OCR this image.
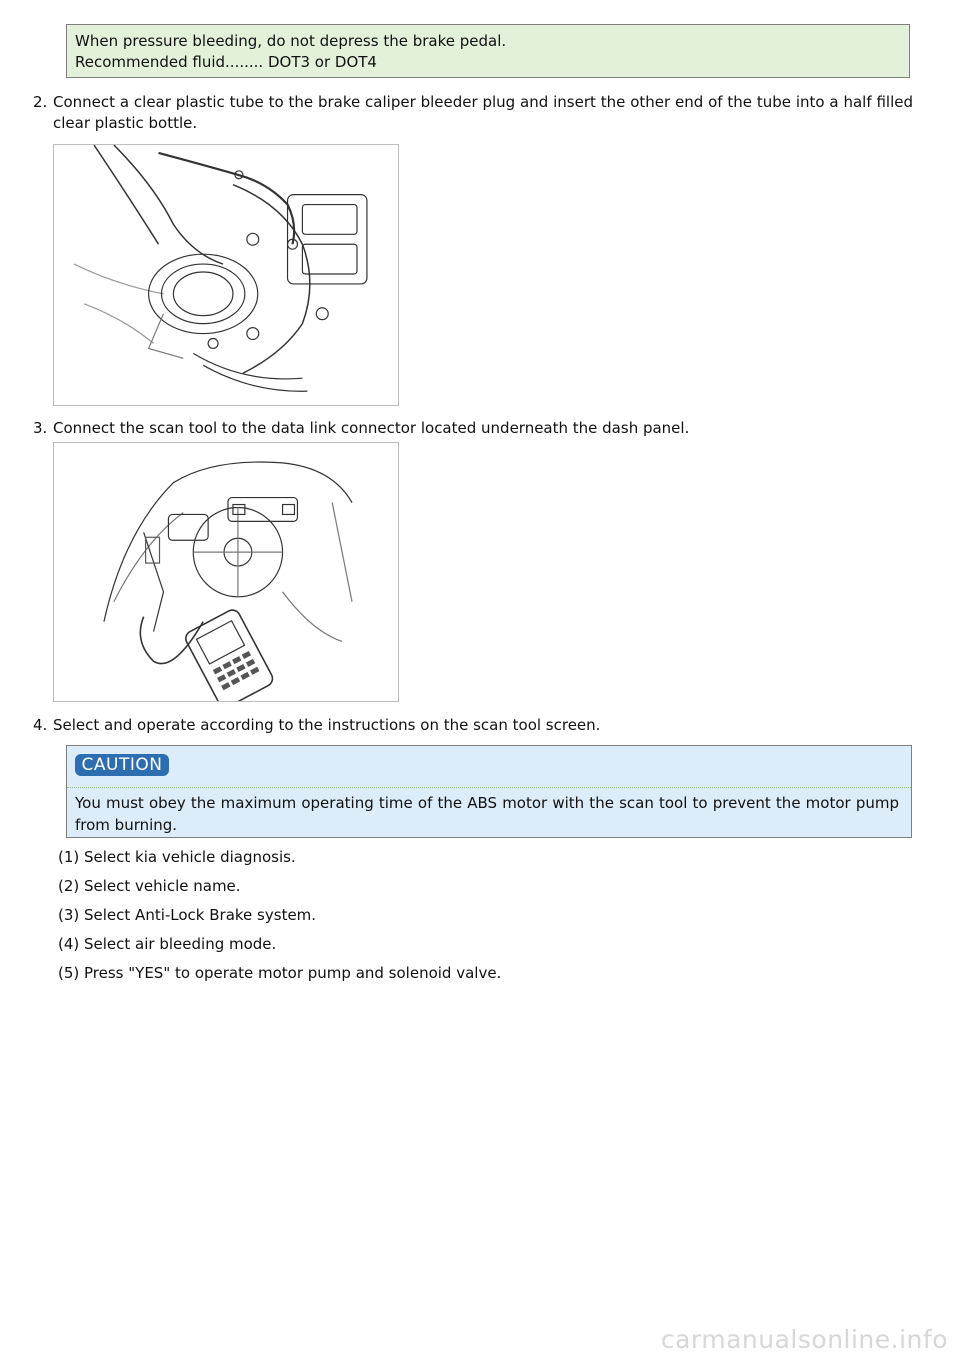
When pressure bleeding, do not depress the brake pedal.
Recommended fluid........ DOT3 or DOT4
2. Connect a clear plastic tube to the brake caliper bleeder plug and insert the other end of the tube into a half filled clear plastic bottle.
3. Connect the scan tool to the data link connector located underneath the dash panel.
4. Select and operate according to the instructions on the scan tool screen.
CAUTION
You must obey the maximum operating time of the ABS motor with the scan tool to prevent the motor pump from burning.
(1) Select kia vehicle diagnosis.
(2) Select vehicle name.
(3) Select Anti-Lock Brake system.
(4) Select air bleeding mode.
(5) Press "YES" to operate motor pump and solenoid valve.
carmanualsonline.info
